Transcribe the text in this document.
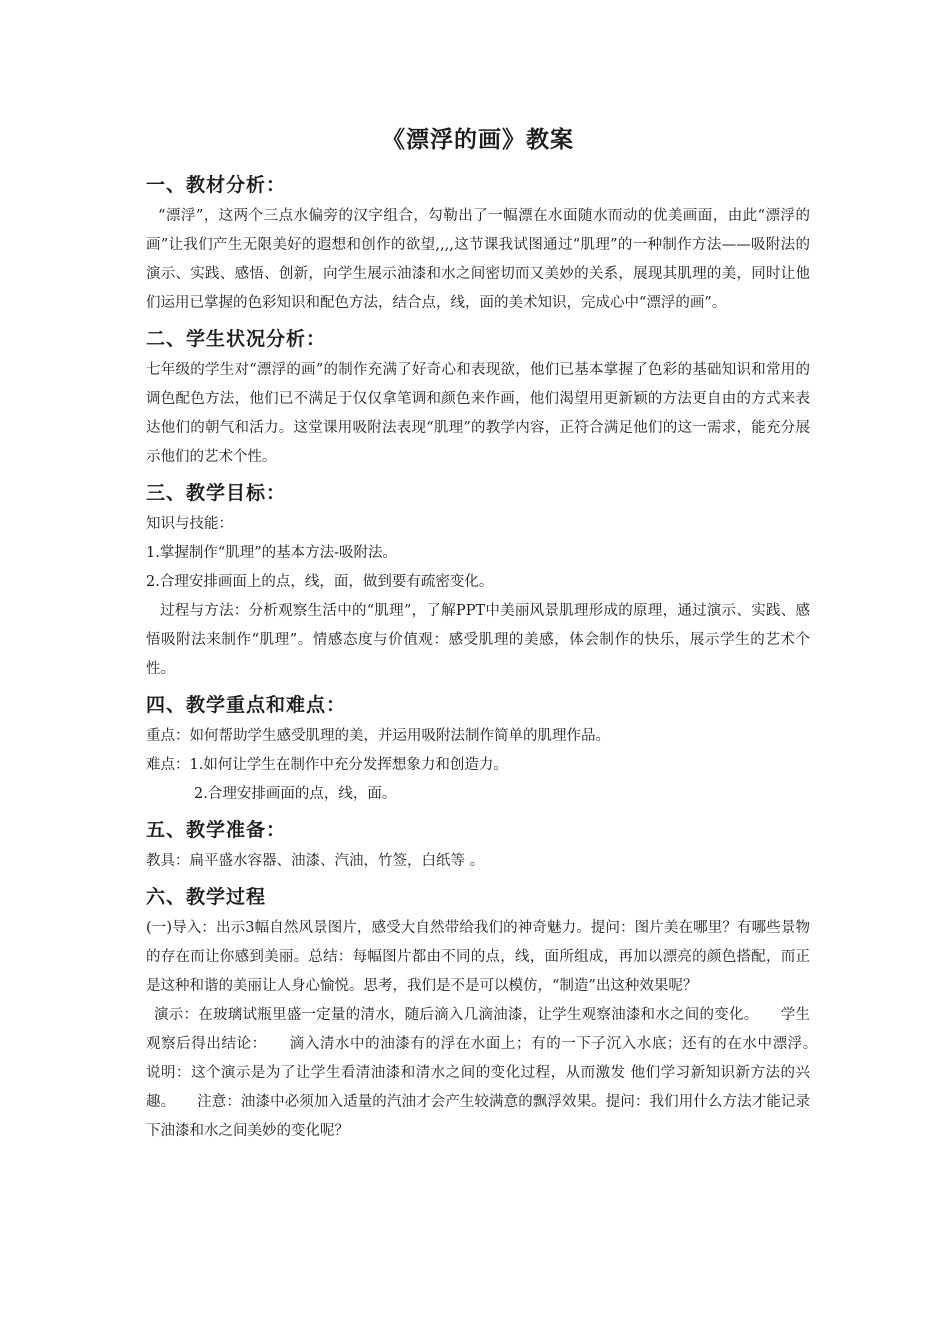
《漂浮的画》教案
一、教材分析：

“漂浮”，这两个三点水偏旁的汉字组合，勾勒出了一幅漂在水面随水而动的优美画面，由此“漂浮的画”让我们产生无限美好的遐想和创作的欲望,,,,这节课我试图通过“肌理”的一种制作方法——吸附法的演示、实践、感悟、创新，向学生展示油漆和水之间密切而又美妙的关系，展现其肌理的美，同时让他们运用已掌握的色彩知识和配色方法，结合点，线，面的美术知识，完成心中“漂浮的画”。

二、学生状况分析：

七年级的学生对“漂浮的画”的制作充满了好奇心和表现欲，他们已基本掌握了色彩的基础知识和常用的调色配色方法，他们已不满足于仅仅拿笔调和颜色来作画，他们渴望用更新颖的方法更自由的方式来表达他们的朝气和活力。这堂课用吸附法表现“肌理”的教学内容，正符合满足他们的这一需求，能充分展示他们的艺术个性。

三、教学目标：

知识与技能：

1.掌握制作“肌理”的基本方法-吸附法。

2.合理安排画面上的点，线，面，做到要有疏密变化。

过程与方法：分析观察生活中的“肌理”，了解PPT中美丽风景肌理形成的原理，通过演示、实践、感悟吸附法来制作“肌理”。情感态度与价值观：感受肌理的美感，体会制作的快乐，展示学生的艺术个性。

四、教学重点和难点：

重点：如何帮助学生感受肌理的美，并运用吸附法制作简单的肌理作品。

难点：1.如何让学生在制作中充分发挥想象力和创造力。

2.合理安排画面的点，线，面。

五、教学准备：

教具：扁平盛水容器、油漆、汽油，竹签，白纸等 。

六、教学过程

(一)导入：出示3幅自然风景图片，感受大自然带给我们的神奇魅力。提问：图片美在哪里？有哪些景物的存在而让你感到美丽。总结：每幅图片都由不同的点，线，面所组成，再加以漂亮的颜色搭配，而正是这种和谐的美丽让人身心愉悦。思考，我们是不是可以模仿，“制造”出这种效果呢？

演示：在玻璃试瓶里盛一定量的清水，随后滴入几滴油漆，让学生观察油漆和水之间的变化。　　学生观察后得出结论：　　滴入清水中的油漆有的浮在水面上；有的一下子沉入水底；还有的在水中漂浮。　　说明：这个演示是为了让学生看清油漆和清水之间的变化过程，从而激发 他们学习新知识新方法的兴趣。　　注意：油漆中必须加入适量的汽油才会产生较满意的飘浮效果。提问：我们用什么方法才能记录下油漆和水之间美妙的变化呢？
